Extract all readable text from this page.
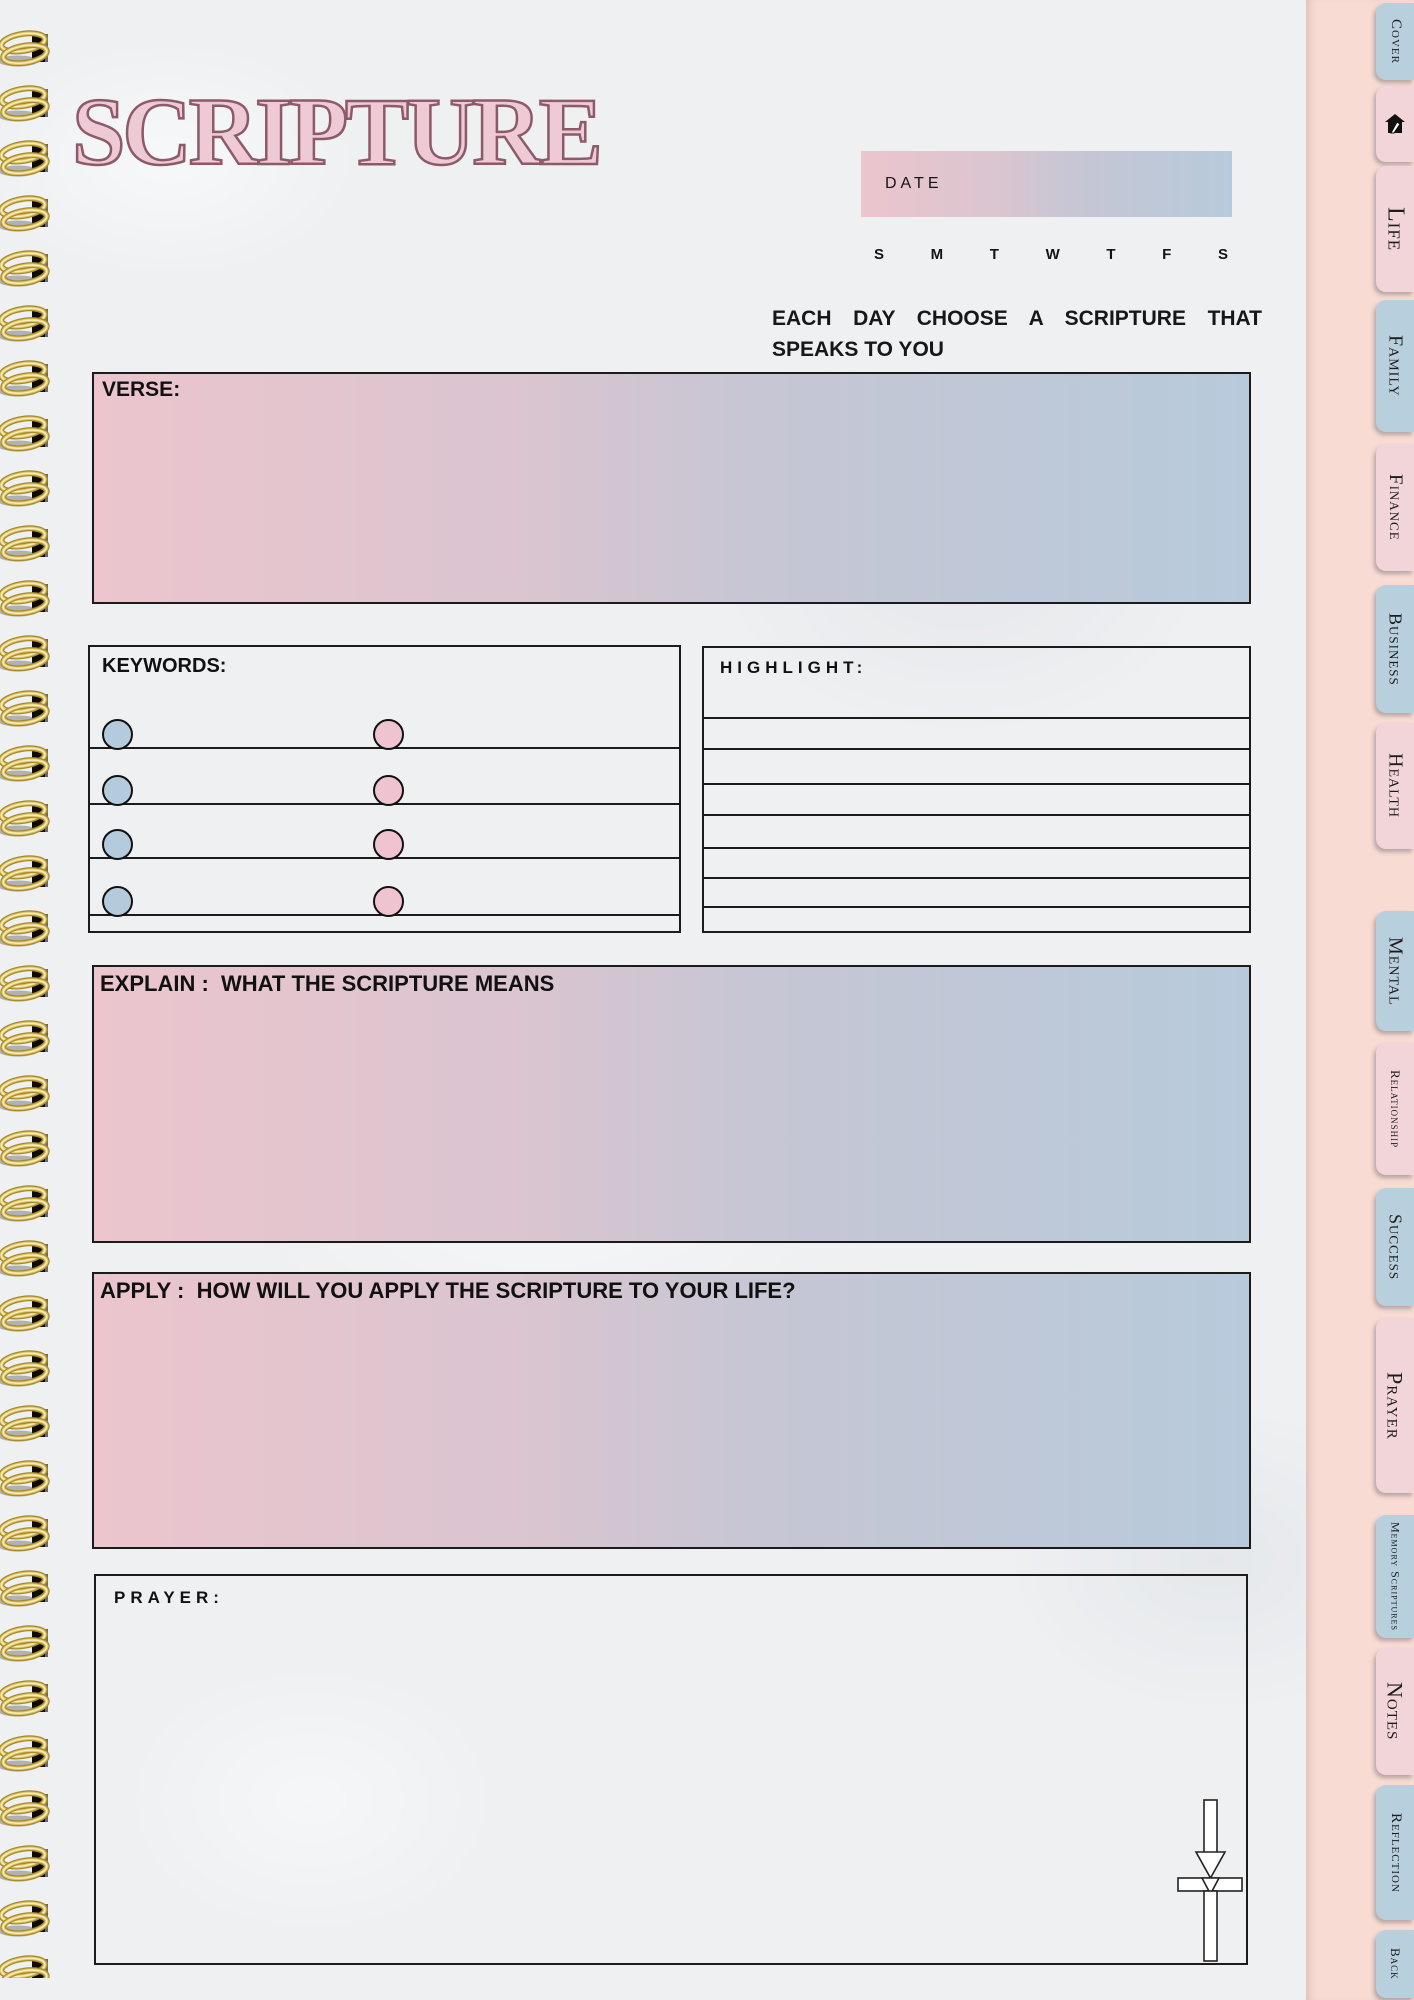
SCRIPTURE	DATE
S	M	T	W	T	F	S
EACH DAY CHOOSE A SCRIPTURE THAT
SPEAKS TO YOU
VERSE:
KEYWORDS:	HIGHLIGHT:
EXPLAIN :  WHAT THE SCRIPTURE MEANS
APPLY :  HOW WILL YOU APPLY THE SCRIPTURE TO YOUR LIFE?
PRAYER:
Cover
Life
Family
Finance
Business
Health
Mental
Relationship
Success
Prayer
Memory Scriptures
Notes
Reflection
Back
